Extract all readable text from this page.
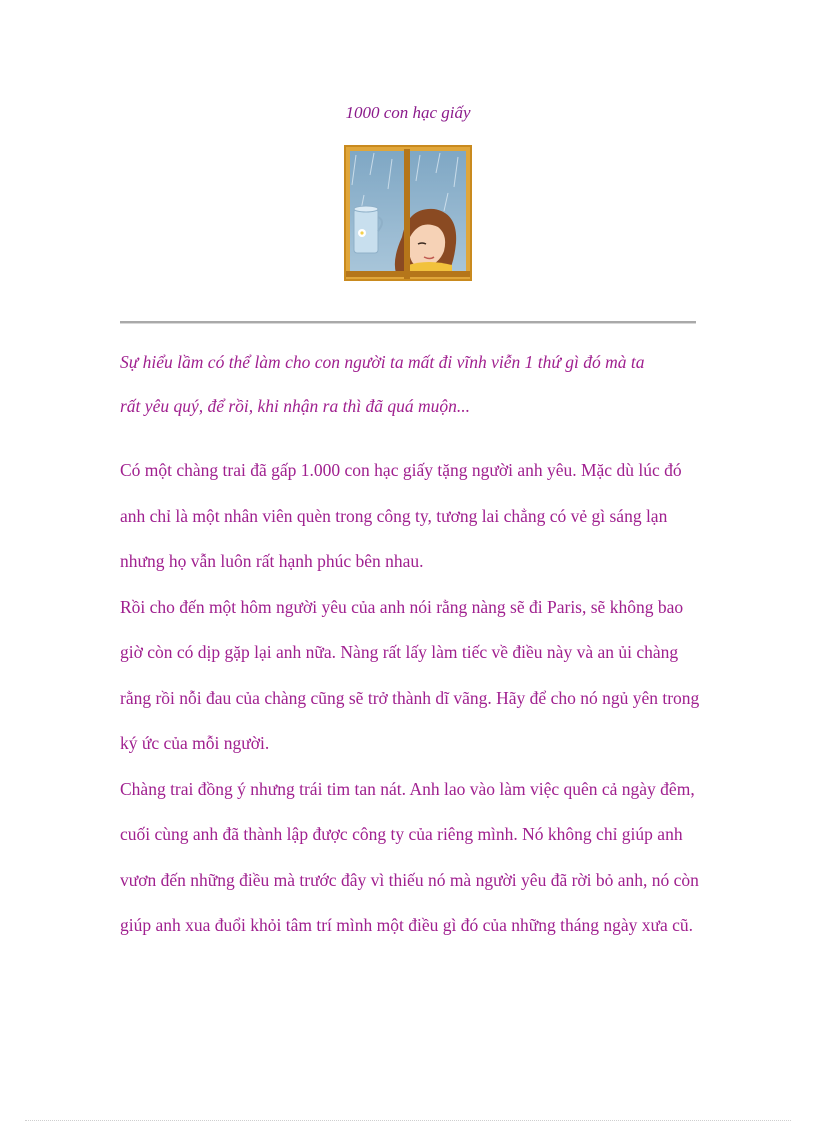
1000 con hạc giấy
Sự hiểu lầm có thể làm cho con người ta mất đi vĩnh viễn 1 thứ gì đó mà ta
rất yêu quý, để rồi, khi nhận ra thì đã quá muộn...

Có một chàng trai đã gấp 1.000 con hạc giấy tặng người anh yêu. Mặc dù lúc đó anh chỉ là một nhân viên quèn trong công ty, tương lai chẳng có vẻ gì sáng lạn nhưng họ vẫn luôn rất hạnh phúc bên nhau.

Rồi cho đến một hôm người yêu của anh nói rằng nàng sẽ đi Paris, sẽ không bao giờ còn có dịp gặp lại anh nữa. Nàng rất lấy làm tiếc về điều này và an ủi chàng rằng rồi nỗi đau của chàng cũng sẽ trở thành dĩ vãng. Hãy để cho nó ngủ yên trong ký ức của mỗi người.

Chàng trai đồng ý nhưng trái tim tan nát. Anh lao vào làm việc quên cả ngày đêm, cuối cùng anh đã thành lập được công ty của riêng mình. Nó không chỉ giúp anh vươn đến những điều mà trước đây vì thiếu nó mà người yêu đã rời bỏ anh, nó còn giúp anh xua đuổi khỏi tâm trí mình một điều gì đó của những tháng ngày xưa cũ.
